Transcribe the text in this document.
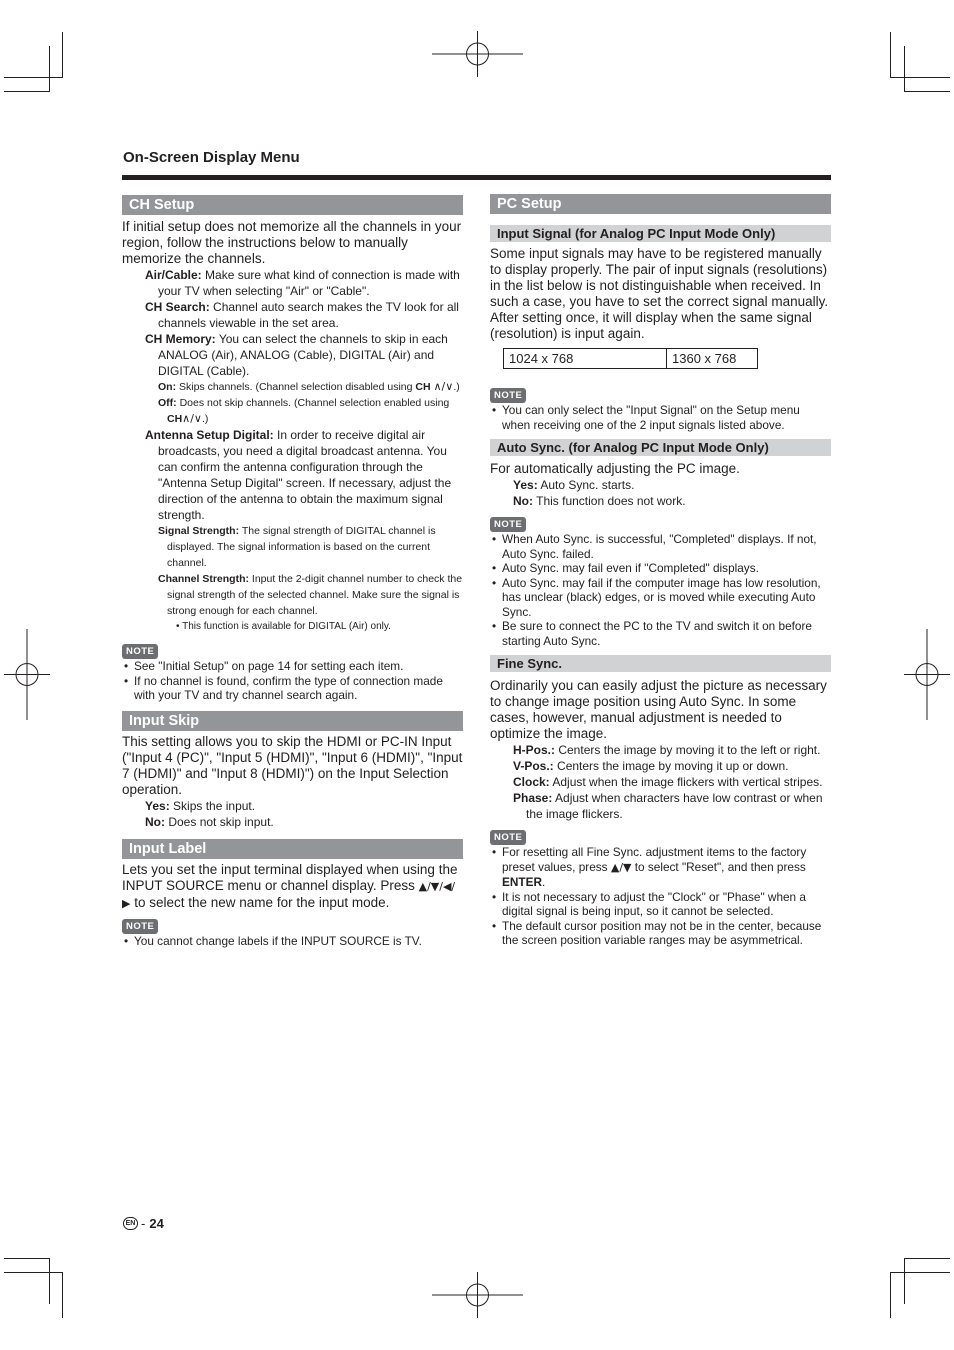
On-Screen Display Menu
CH Setup

If initial setup does not memorize all the channels in your region, follow the instructions below to manually memorize the channels.

Air/Cable: Make sure what kind of connection is made with your TV when selecting "Air" or "Cable".

CH Search: Channel auto search makes the TV look for all channels viewable in the set area.

CH Memory: You can select the channels to skip in each ANALOG (Air), ANALOG (Cable), DIGITAL (Air) and DIGITAL (Cable).

On: Skips channels. (Channel selection disabled using CH ∧/∨.)

Off: Does not skip channels. (Channel selection enabled using CH∧/∨.)

Antenna Setup Digital: In order to receive digital air broadcasts, you need a digital broadcast antenna. You can confirm the antenna configuration through the "Antenna Setup Digital" screen. If necessary, adjust the direction of the antenna to obtain the maximum signal strength.

Signal Strength: The signal strength of DIGITAL channel is displayed. The signal information is based on the current channel.

Channel Strength: Input the 2-digit channel number to check the signal strength of the selected channel. Make sure the signal is strong enough for each channel.

• This function is available for DIGITAL (Air) only.

NOTE
• See "Initial Setup" on page 14 for setting each item.
• If no channel is found, confirm the type of connection made with your TV and try channel search again.
Input Skip

This setting allows you to skip the HDMI or PC-IN Input ("Input 4 (PC)", "Input 5 (HDMI)", "Input 6 (HDMI)", "Input 7 (HDMI)" and "Input 8 (HDMI)") on the Input Selection operation.

Yes: Skips the input.

No: Does not skip input.

Input Label

Lets you set the input terminal displayed when using the INPUT SOURCE menu or channel display. Press ▲/▼/◀/▶ to select the new name for the input mode.

NOTE
• You cannot change labels if the INPUT SOURCE is TV.
PC Setup
Input Signal (for Analog PC Input Mode Only)

Some input signals may have to be registered manually to display properly. The pair of input signals (resolutions) in the list below is not distinguishable when received. In such a case, you have to set the correct signal manually. After setting once, it will display when the same signal (resolution) is input again.

1024 x 768	1360 x 768
NOTE
• You can only select the "Input Signal" on the Setup menu when receiving one of the 2 input signals listed above.
Auto Sync. (for Analog PC Input Mode Only)

For automatically adjusting the PC image.

Yes: Auto Sync. starts.

No: This function does not work.

NOTE
• When Auto Sync. is successful, "Completed" displays. If not, Auto Sync. failed.
• Auto Sync. may fail even if "Completed" displays.
• Auto Sync. may fail if the computer image has low resolution, has unclear (black) edges, or is moved while executing Auto Sync.
• Be sure to connect the PC to the TV and switch it on before starting Auto Sync.
Fine Sync.

Ordinarily you can easily adjust the picture as necessary to change image position using Auto Sync. In some cases, however, manual adjustment is needed to optimize the image.

H-Pos.: Centers the image by moving it to the left or right.

V-Pos.: Centers the image by moving it up or down.

Clock: Adjust when the image flickers with vertical stripes.

Phase: Adjust when characters have low contrast or when the image flickers.

NOTE
• For resetting all Fine Sync. adjustment items to the factory preset values, press ▲/▼ to select "Reset", and then press ENTER.
• It is not necessary to adjust the "Clock" or "Phase" when a digital signal is being input, so it cannot be selected.
• The default cursor position may not be in the center, because the screen position variable ranges may be asymmetrical.
EN - 24
